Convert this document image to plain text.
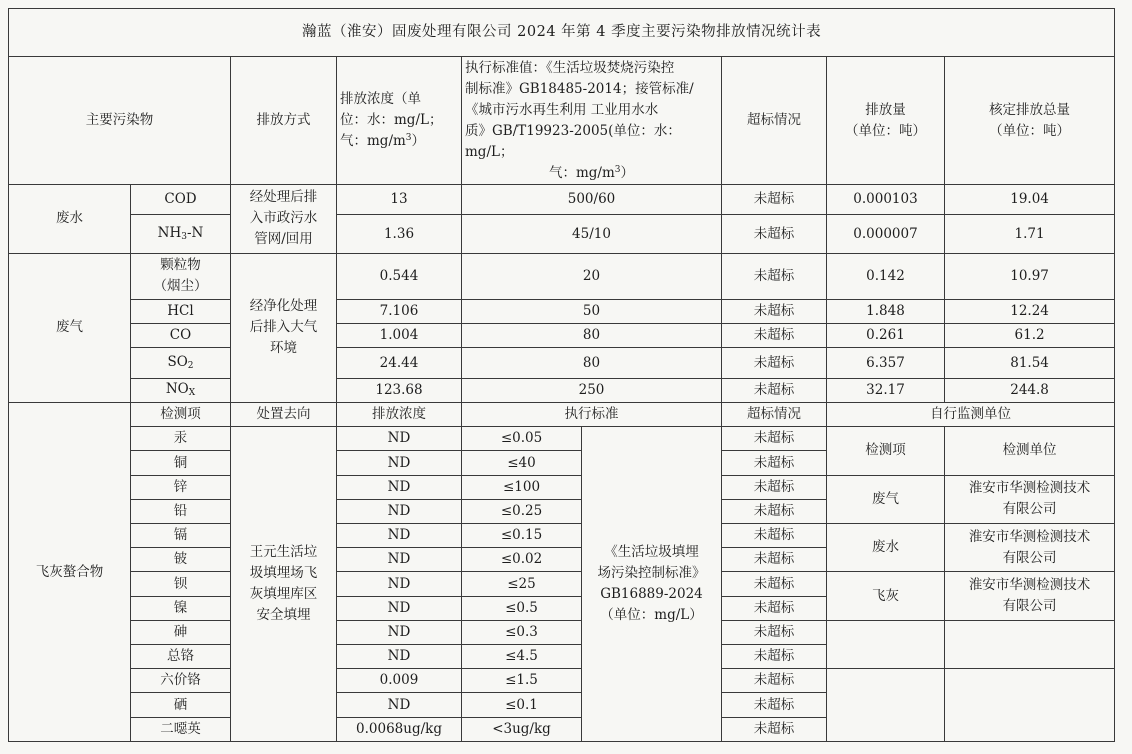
瀚蓝（淮安）固废处理有限公司 2024 年第 4 季度主要污染物排放情况统计表								
主要污染物		排放方式	排放浓度（单
位：水：mg/L；
气：$mg/m^3$）	执行标准值：《生活垃圾焚烧污染控
制标准》GB18485-2014；接管标准/
《城市污水再生利用 工业用水水
质》GB/T19923-2005(单位：水：mg/L；
气：$mg/m^3$）		超标情况	排放量
（单位：吨）	核定排放总量
（单位：吨）

废水	COD	经处理后排
入市政污水
管网/回用	13	500/60		未超标	0.000103	19.04
	$NH_3-N$		1.36	45/10		未超标	0.000007	1.71
废气	颗粒物
（烟尘）	经净化处理
后排入大气
环境	0.544	20		未超标	0.142	10.97
	HCl		7.106	50		未超标	1.848	12.24
	CO		1.004	80		未超标	0.261	61.2
	$SO_2$		24.44	80		未超标	6.357	81.54
	$NO_X$		123.68	250		未超标	32.17	244.8
飞灰螯合物	检测项	处置去向	排放浓度	执行标准		超标情况	自行监测单位	
	汞	王元生活垃
圾填埋场飞
灰填埋库区
安全填埋	ND	≤0.05	《生活垃圾填埋
场污染控制标准》
GB16889-2024
（单位：mg/L）	未超标	检测项	检测单位
	铜		ND	≤40		未超标		
	锌		ND	≤100		未超标	废气	淮安市华测检测技术
有限公司

	铅		ND	≤0.25		未超标		
	镉		ND	≤0.15		未超标	废水	淮安市华测检测技术
有限公司

	铍		ND	≤0.02		未超标		
	钡		ND	≤25		未超标	飞灰	淮安市华测检测技术
有限公司

	镍		ND	≤0.5		未超标		
	砷		ND	≤0.3		未超标		
	总铬		ND	≤4.5		未超标		
	六价铬		0.009	≤1.5		未超标		
	硒		ND	≤0.1		未超标		
	二噁英		0.0068ug/kg	<3ug/kg		未超标		
